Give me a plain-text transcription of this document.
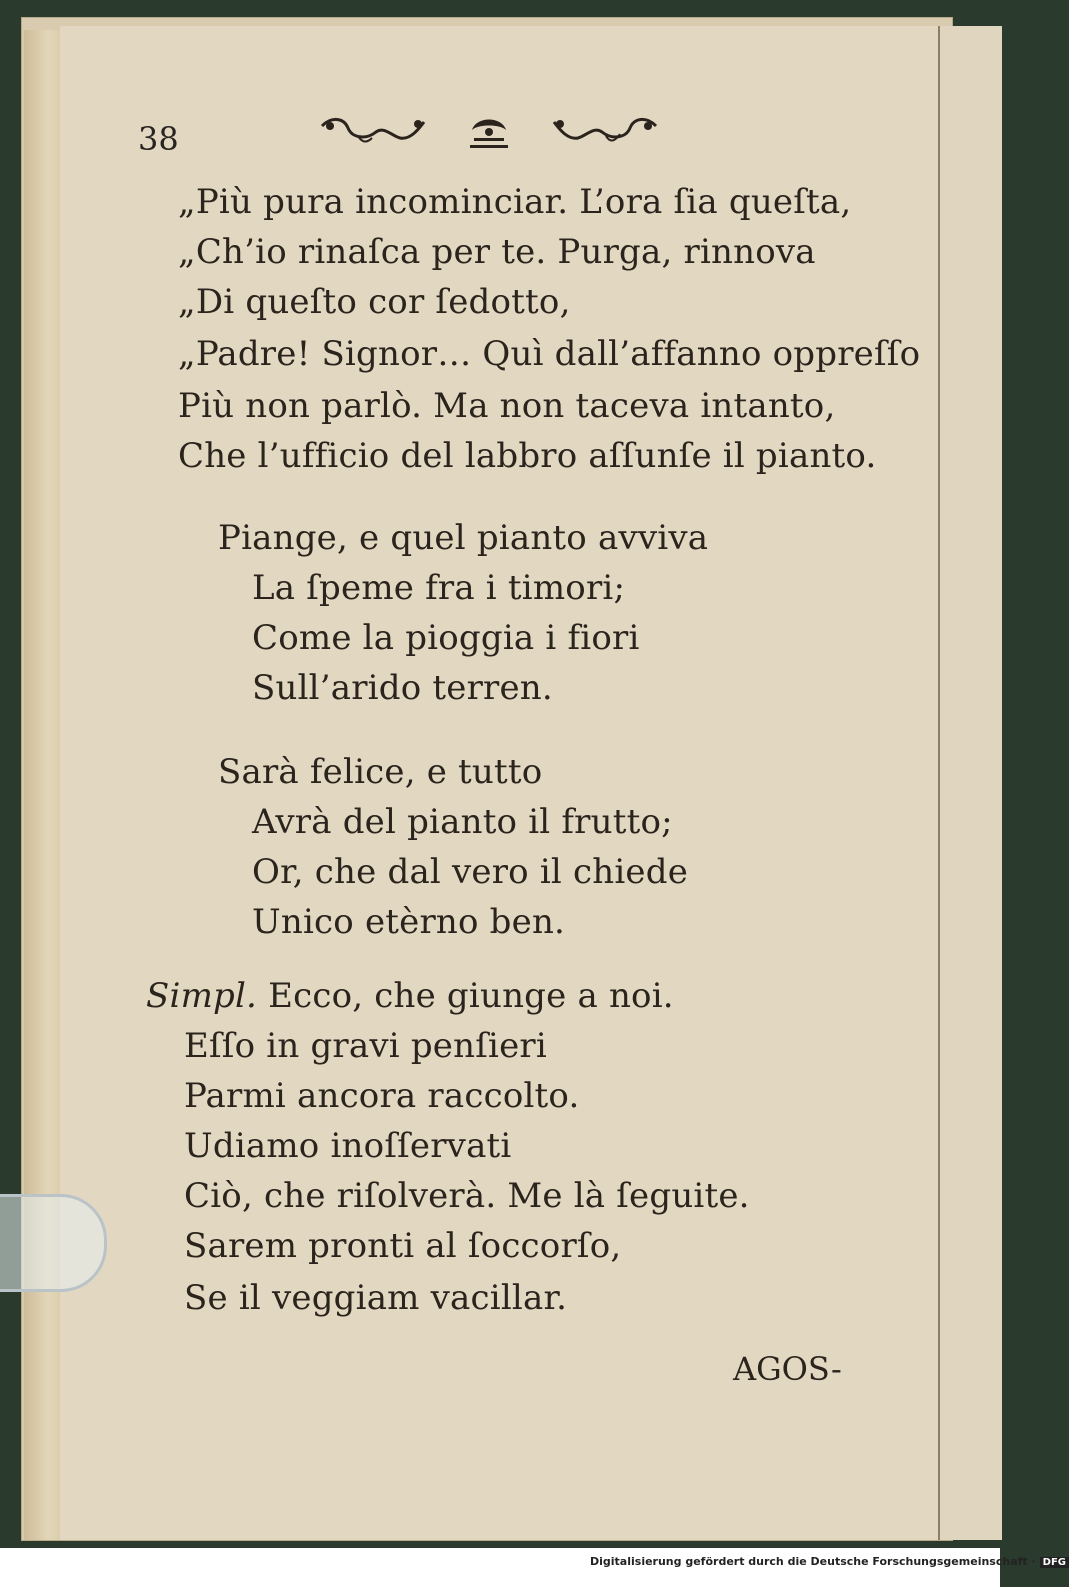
38
„Più pura incominciar. L’ora ſia queſta,
„Ch’io rinaſca per te. Purga, rinnova
„Di queſto cor ſedotto,
„Padre! Signor… Quì dall’affanno oppreſſo
Più non parlò. Ma non taceva intanto,
Che l’ufficio del labbro aſſunſe il pianto.
Piange, e quel pianto avviva
La ſpeme fra i timori;
Come la pioggia i fiori
Sull’arido terren.
Sarà felice, e tutto
Avrà del pianto il frutto;
Or, che dal vero il chiede
Unico etèrno ben.
Simpl. Ecco, che giunge a noi.
Eſſo in gravi penſieri
Parmi ancora raccolto.
Udiamo inoſſervati
Ciò, che riſolverà. Me là ſeguite.
Sarem pronti al ſoccorſo,
Se il veggiam vacillar.
AGOS-
Digitalisierung gefördert durch die Deutsche Forschungsgemeinschaft · DFG
